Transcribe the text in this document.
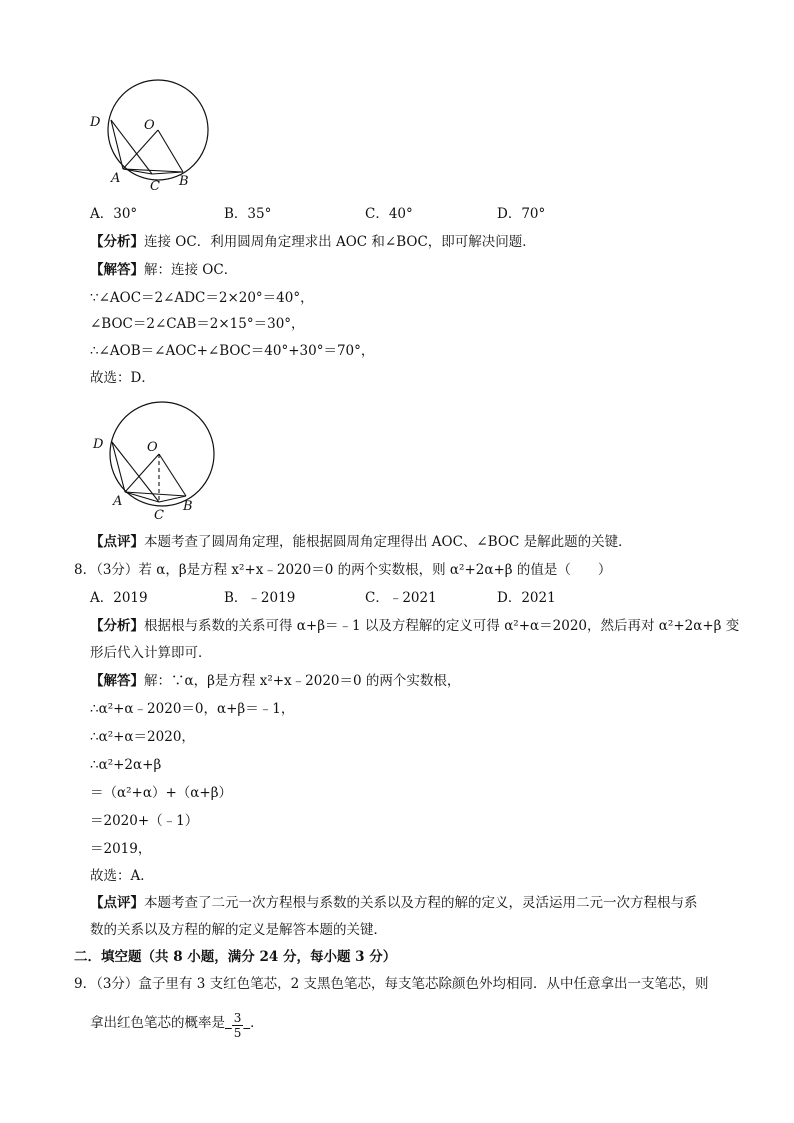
D	O
A
C B
A．30°	B．35°	C．40°	D．70°
【分析】连接 OC．利用圆周角定理求出 AOC 和∠BOC，即可解决问题．
【解答】解：连接 OC．
∵∠AOC＝2∠ADC＝2×20°＝40°，
∠BOC＝2∠CAB＝2×15°＝30°，
∴∠AOB＝∠AOC+∠BOC＝40°+30°＝70°，
故选：D．
D	O
A
C
B
【点评】本题考查了圆周角定理，能根据圆周角定理得出 AOC、∠BOC 是解此题的关键．
8．（3分）若 α，β是方程 x²+x﹣2020＝0 的两个实数根，则 α²+2α+β 的值是（　　）
A．2019	B．﹣2019	C．﹣2021	D．2021
【分析】根据根与系数的关系可得 α+β＝﹣1 以及方程解的定义可得 α²+α＝2020，然后再对 α²+2α+β 变
形后代入计算即可．
【解答】解：∵α，β是方程 x²+x﹣2020＝0 的两个实数根，
∴α²+α﹣2020＝0，α+β＝﹣1，
∴α²+α＝2020，
∴α²+2α+β
＝（α²+α）+（α+β）
＝2020+（﹣1）
＝2019，
故选：A．
【点评】本题考查了二元一次方程根与系数的关系以及方程的解的定义，灵活运用二元一次方程根与系
数的关系以及方程的解的定义是解答本题的关键．
二．填空题（共 8 小题，满分 24 分，每小题 3 分）
9．（3分）盒子里有 3 支红色笔芯，2 支黑色笔芯，每支笔芯除颜色外均相同．从中任意拿出一支笔芯，则
拿出红色笔芯的概率是  $\frac{3}{5}$
  ．
